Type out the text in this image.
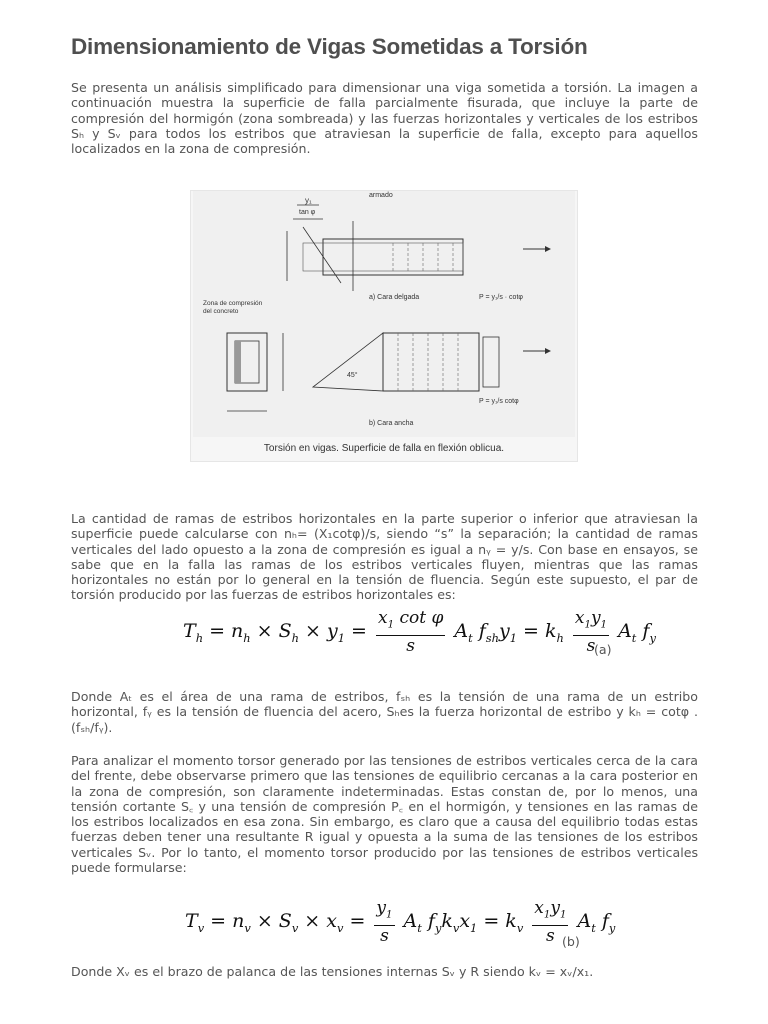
Dimensionamiento de Vigas Sometidas a Torsión

Se presenta un análisis simplificado para dimensionar una viga sometida a torsión. La imagen a continuación muestra la superficie de falla parcialmente fisurada, que incluye la parte de compresión del hormigón (zona sombreada) y las fuerzas horizontales y verticales de los estribos Sₕ y Sᵥ para todos los estribos que atraviesan la superficie de falla, excepto para aquellos localizados en la zona de compresión.

armado
y₁
tan φ
a) Cara delgada	P = y₁/s · cotφ
Zona de compresión
del concreto
45°
b) Cara ancha
P = y₁/s cotφ
Torsión en vigas. Superficie de falla en flexión oblicua.

La cantidad de ramas de estribos horizontales en la parte superior o inferior que atraviesan la superficie puede calcularse con nₕ= (X₁cotφ)/s, siendo “s” la separación; la cantidad de ramas verticales del lado opuesto a la zona de compresión es igual a nᵧ = y/s. Con base en ensayos, se sabe que en la falla las ramas de los estribos verticales fluyen, mientras que las ramas horizontales no están por lo general en la tensión de fluencia. Según este supuesto, el par de torsión producido por las fuerzas de estribos horizontales es:

$T_h = n_h \times S_h \times y_1 = \frac{x_1 \cot \varphi}{s} A_t$ $f_{sh}y_1 = k_h \frac{x_1y_1}{s} A_t$ $f_y$
(a)

Donde Aₜ es el área de una rama de estribos, fₛₕ es la tensión de una rama de un estribo horizontal, fᵧ es la tensión de fluencia del acero, Sₕes la fuerza horizontal de estribo y kₕ = cotφ . (fₛₕ/fᵧ).

Para analizar el momento torsor generado por las tensiones de estribos verticales cerca de la cara del frente, debe observarse primero que las tensiones de equilibrio cercanas a la cara posterior en la zona de compresión, son claramente indeterminadas. Estas constan de, por lo menos, una tensión cortante S꜀ y una tensión de compresión P꜀ en el hormigón, y tensiones en las ramas de los estribos localizados en esa zona. Sin embargo, es claro que a causa del equilibrio todas estas fuerzas deben tener una resultante R igual y opuesta a la suma de las tensiones de los estribos verticales Sᵥ. Por lo tanto, el momento torsor producido por las tensiones de estribos verticales puede formularse:

$T_v = n_v \times S_v \times x_v = \frac{y_1}{s} A_t$ $f_yk_vx_1 = k_v \frac{x_1y_1}{s} A_t$ $f_y$
(b)

Donde Xᵥ es el brazo de palanca de las tensiones internas Sᵥ y R siendo kᵥ = xᵥ/x₁.
